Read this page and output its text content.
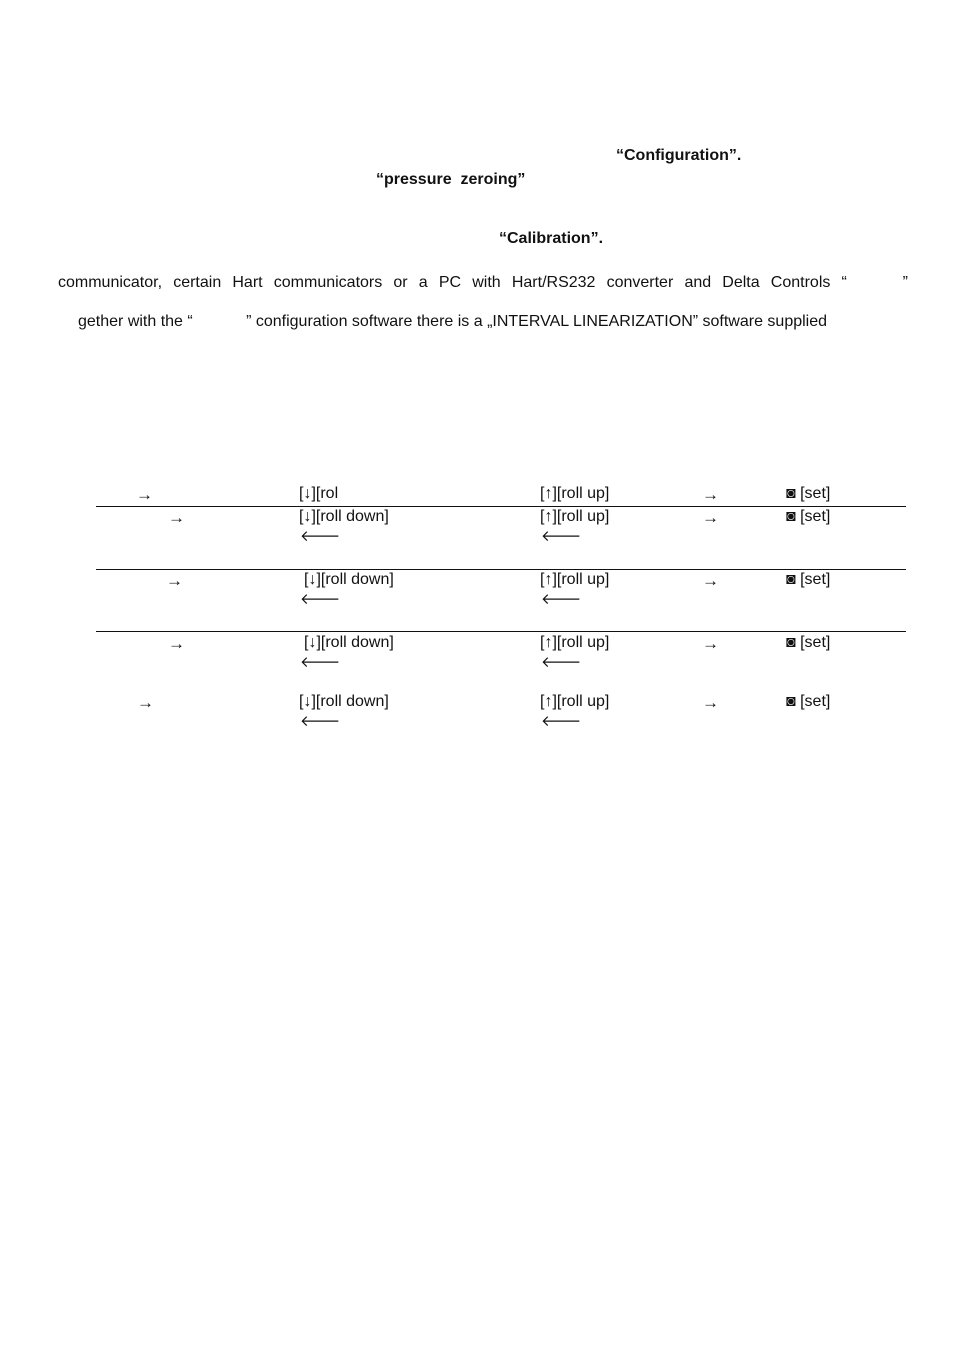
“Configuration”.
“pressure  zeroing”
“Calibration”.
communicator,  certain  Hart  communicators  or  a  PC  with  Hart/RS232  converter  and  Delta  Controls  “          ”
gether with the “            ” configuration software there is a „INTERVAL LINEARIZATION” software supplied
→	[↓][rol	[↑][roll up]	→	◙ [set]
→	[↓][roll down]	[↑][roll up]	→	◙ [set]
🡐	🡐
→	[↓][roll down]	[↑][roll up]	→	◙ [set]
🡐	🡐
→	[↓][roll down]	[↑][roll up]	→	◙ [set]
🡐	🡐
→	[↓][roll down]	[↑][roll up]	→	◙ [set]
🡐	🡐
